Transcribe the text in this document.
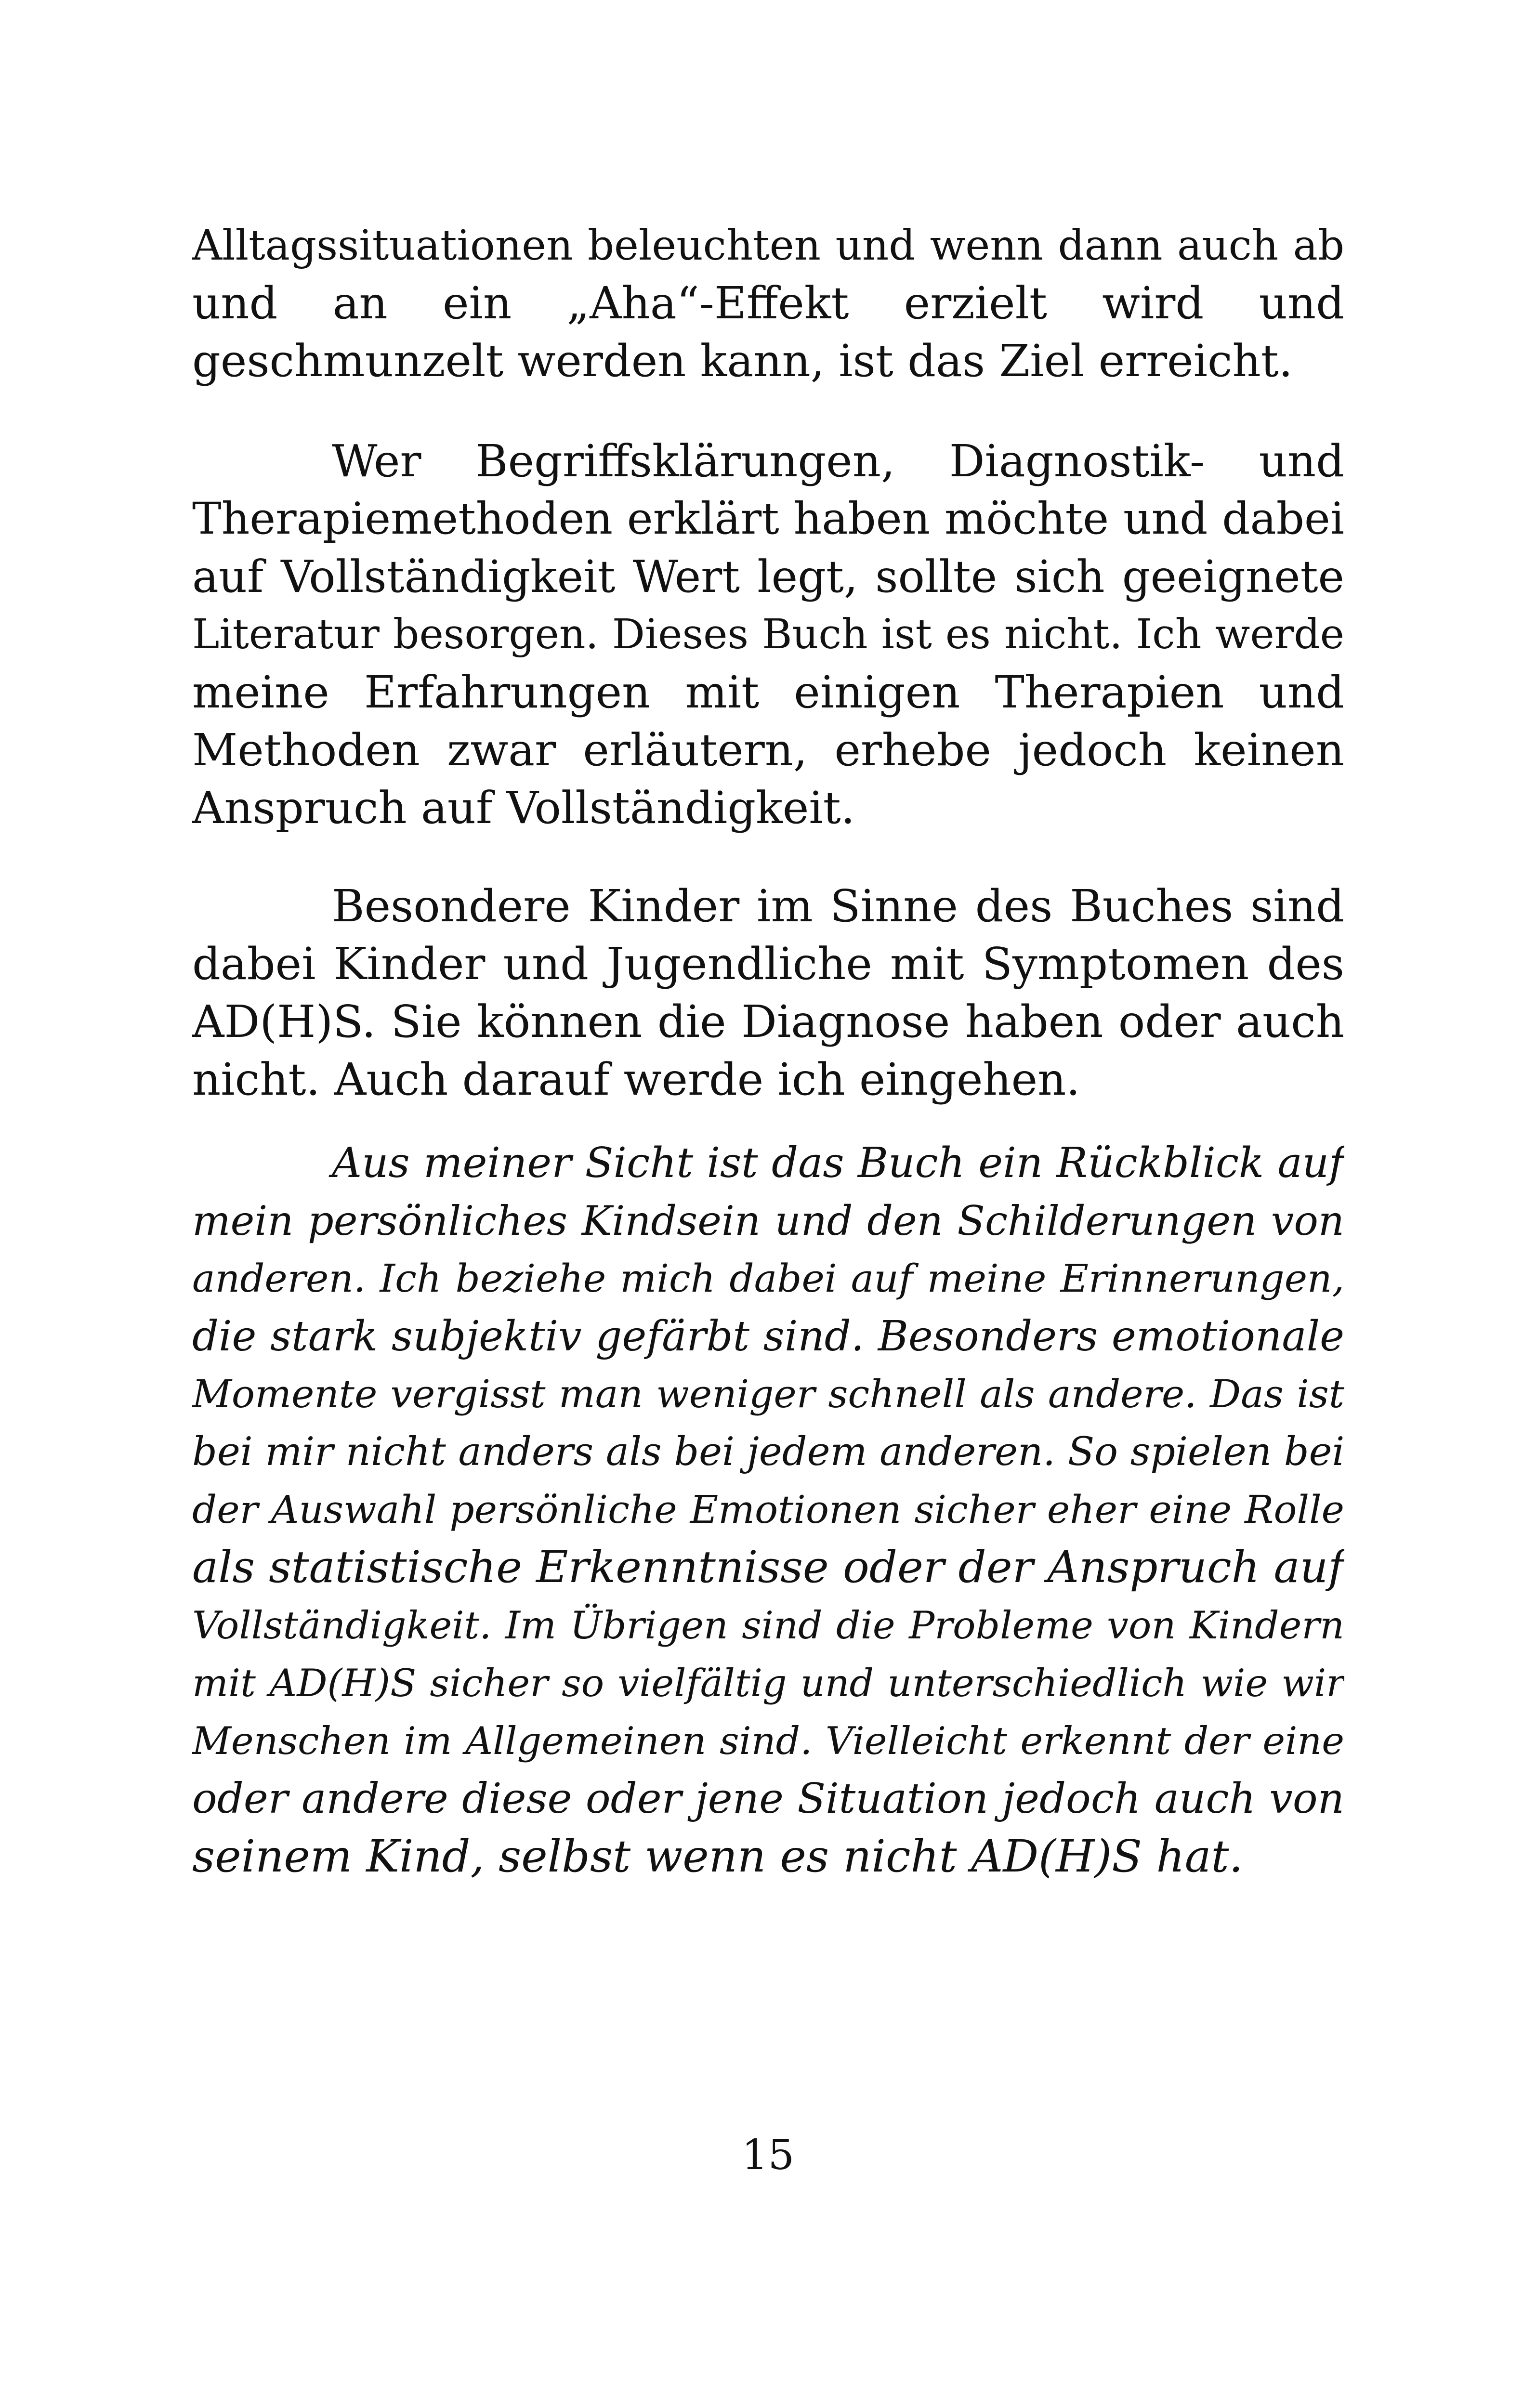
Alltagssituationen beleuchten und wenn dann auch ab
und an ein „Aha“-Effekt erzielt wird und
geschmunzelt werden kann, ist das Ziel erreicht.
Wer Begriffsklärungen, Diagnostik- und
Therapiemethoden erklärt haben möchte und dabei
auf Vollständigkeit Wert legt, sollte sich geeignete
Literatur besorgen. Dieses Buch ist es nicht. Ich werde
meine Erfahrungen mit einigen Therapien und
Methoden zwar erläutern, erhebe jedoch keinen
Anspruch auf Vollständigkeit.
Besondere Kinder im Sinne des Buches sind
dabei Kinder und Jugendliche mit Symptomen des
AD(H)S. Sie können die Diagnose haben oder auch
nicht. Auch darauf werde ich eingehen.
Aus meiner Sicht ist das Buch ein Rückblick auf
mein persönliches Kindsein und den Schilderungen von
anderen. Ich beziehe mich dabei auf meine Erinnerungen,
die stark subjektiv gefärbt sind. Besonders emotionale
Momente vergisst man weniger schnell als andere. Das ist
bei mir nicht anders als bei jedem anderen. So spielen bei
der Auswahl persönliche Emotionen sicher eher eine Rolle
als statistische Erkenntnisse oder der Anspruch auf
Vollständigkeit. Im Übrigen sind die Probleme von Kindern
mit AD(H)S sicher so vielfältig und unterschiedlich wie wir
Menschen im Allgemeinen sind. Vielleicht erkennt der eine
oder andere diese oder jene Situation jedoch auch von
seinem Kind, selbst wenn es nicht AD(H)S hat.
15
